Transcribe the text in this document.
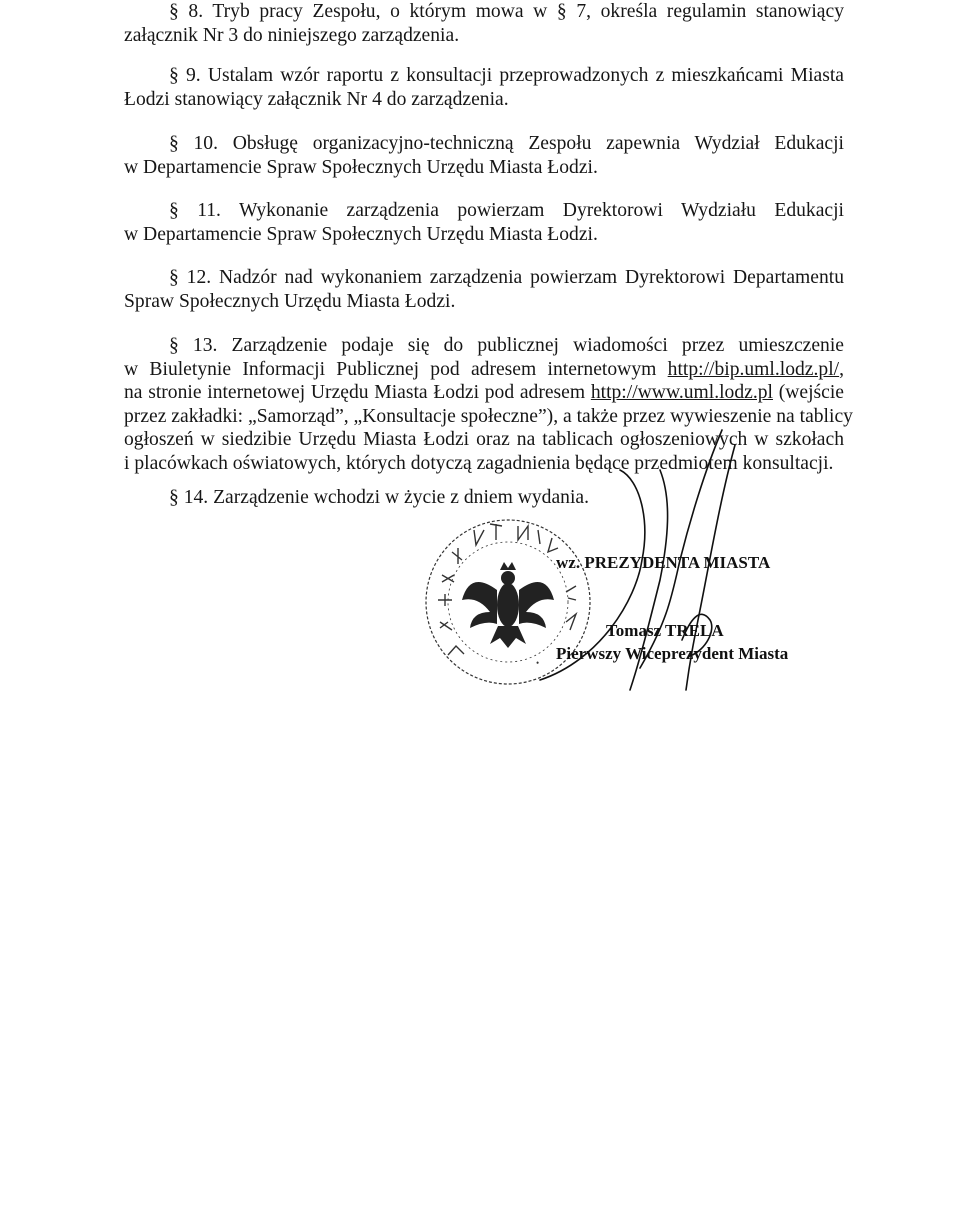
§ 8. Tryb pracy Zespołu, o którym mowa w § 7, określa regulamin stanowiący
załącznik Nr 3 do niniejszego zarządzenia.

§ 9. Ustalam wzór raportu z konsultacji przeprowadzonych z mieszkańcami Miasta
Łodzi stanowiący załącznik Nr 4 do zarządzenia.

§ 10. Obsługę organizacyjno-techniczną Zespołu zapewnia Wydział Edukacji
w Departamencie Spraw Społecznych Urzędu Miasta Łodzi.

§ 11. Wykonanie zarządzenia powierzam Dyrektorowi Wydziału Edukacji
w Departamencie Spraw Społecznych Urzędu Miasta Łodzi.

§ 12. Nadzór nad wykonaniem zarządzenia powierzam Dyrektorowi Departamentu
Spraw Społecznych Urzędu Miasta Łodzi.

§ 13. Zarządzenie podaje się do publicznej wiadomości przez umieszczenie
w Biuletynie Informacji Publicznej pod adresem internetowym http://bip.uml.lodz.pl/,
na stronie internetowej Urzędu Miasta Łodzi pod adresem http://www.uml.lodz.pl (wejście
przez zakładki: „Samorząd”, „Konsultacje społeczne”), a także przez wywieszenie na tablicy
ogłoszeń w siedzibie Urzędu Miasta Łodzi oraz na tablicach ogłoszeniowych w szkołach
i placówkach oświatowych, których dotyczą zagadnienia będące przedmiotem konsultacji.

§ 14. Zarządzenie wchodzi w życie z dniem wydania.

•
wz. PREZYDENTA MIASTA
Tomasz TRELA
Pierwszy Wiceprezydent Miasta
